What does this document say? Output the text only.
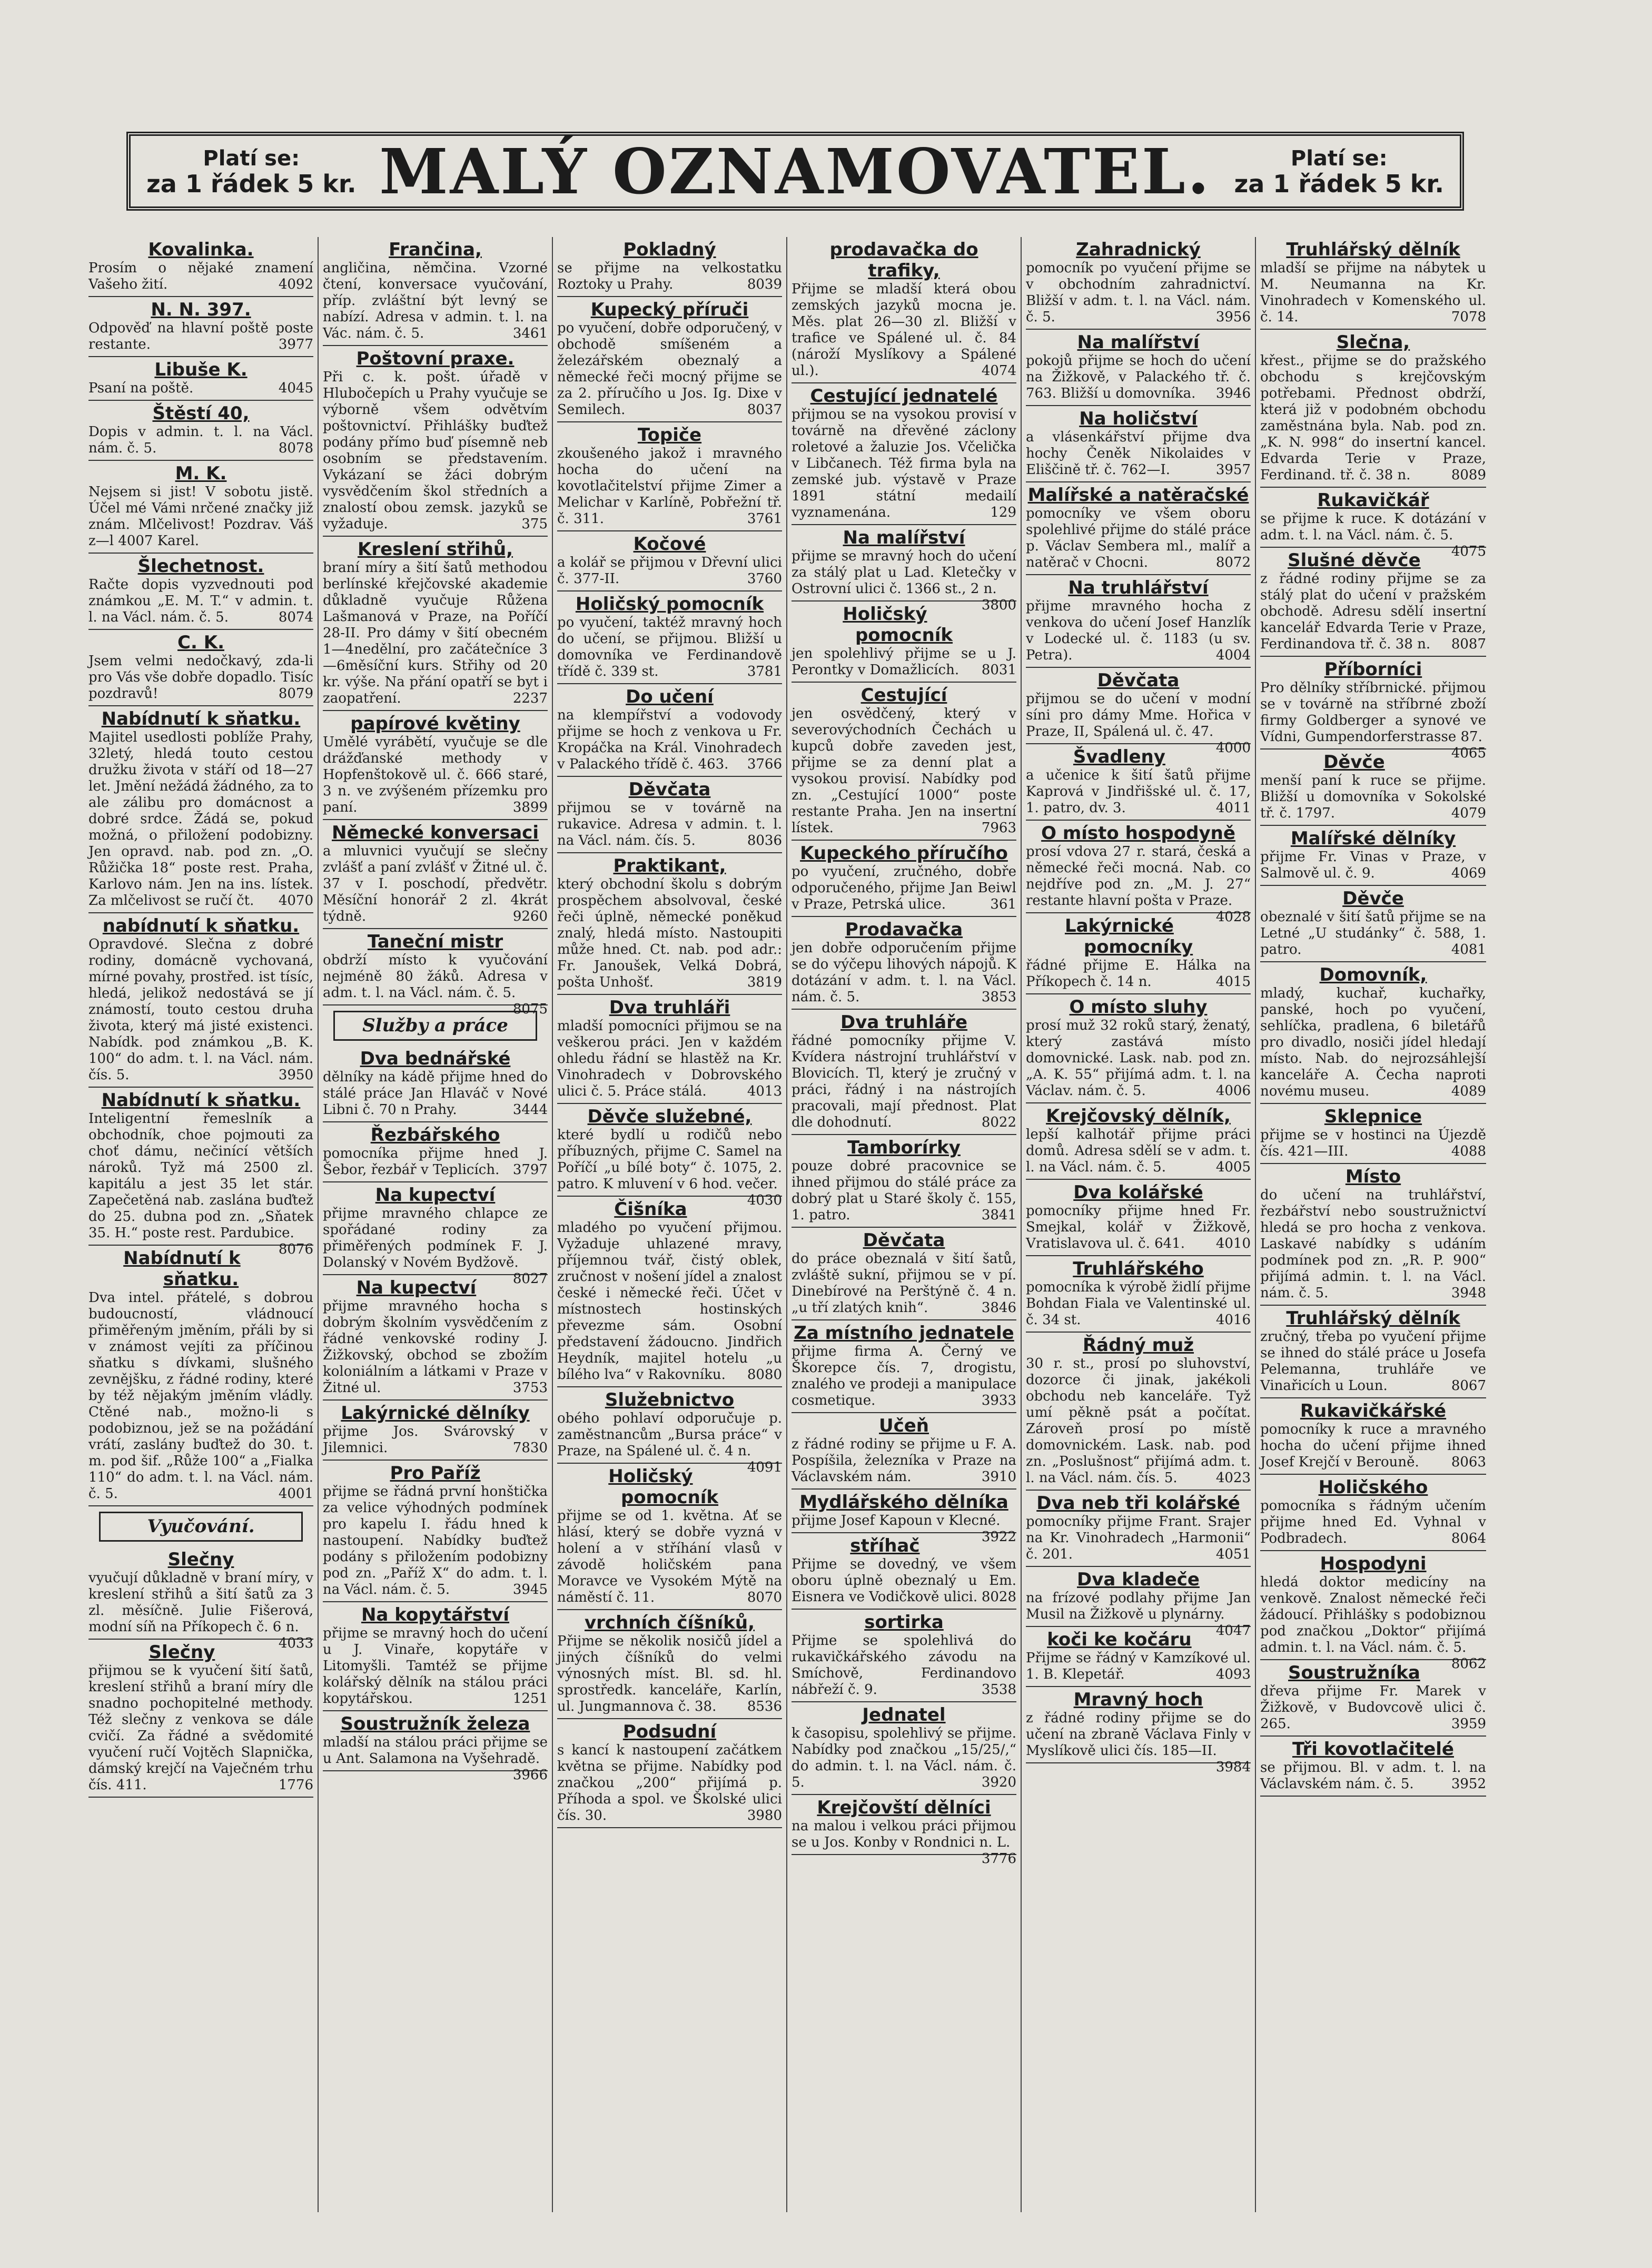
Platí se:
za 1 řádek 5 kr. MALÝ OZNAMOVATEL.	Platí se:
za 1 řádek 5 kr.
Kovalinka.
Prosím o nějaké znamení Vašeho žití.	4092
N. N. 397.
Odpověď na hlavní poště poste restante.	3977
Libuše K.
Psaní na poště.	4045
Štěstí 40,
Dopis v admin. t. l. na Václ. nám. č. 5.	8078
M. K.
Nejsem si jist! V sobotu jistě. Účel mé Vámi nrčené značky již znám. Mlčelivost! Pozdrav. Váš z—l 4007 Karel.
Šlechetnost.
Račte dopis vyzvednouti pod známkou „E. M. T.“ v admin. t. l. na Václ. nám. č. 5.	8074
C. K.
Jsem velmi nedočkavý, zda-li pro Vás vše dobře dopadlo. Tisíc pozdravů!	8079
Nabídnutí k sňatku.
Majitel usedlosti poblíže Prahy, 32letý, hledá touto cestou družku života v stáří od 18—27 let. Jmění nežádá žádného, za to ale zálibu pro domácnost a dobré srdce. Žádá se, pokud možná, o přiložení podobizny. Jen opravd. nab. pod zn. „O. Růžička 18“ poste rest. Praha, Karlovo nám. Jen na ins. lístek. Za mlčelivost se ručí čt. 4070
nabídnutí k sňatku.
Opravdové. Slečna z dobré rodiny, domácně vychovaná, mírné povahy, prostřed. ist tísíc, hledá, jelikož nedostává se jí známostí, touto cestou druha života, který má jisté existenci. Nabídk. pod známkou „B. K. 100“ do adm. t. l. na Václ. nám. čís. 5.	3950
Nabídnutí k sňatku.
Inteligentní řemeslník a obchodník, choe pojmouti za choť dámu, nečinící větších nároků. Tyž má 2500 zl. kapitálu a jest 35 let stár. Zapečetěná nab. zaslána buďtež do 25. dubna pod zn. „Sňatek 35. H.“ poste rest. Pardubice.
8076
Nabídnutí k sňatku.
Dva intel. přátelé, s dobrou budoucností, vládnoucí přiměřeným jměním, přáli by si v známost vejíti za příčinou sňatku s dívkami, slušného zevnějšku, z řádné rodiny, které by též nějakým jměním vládly. Ctěné nab., možno-li s podobiznou, jež se na požádání vrátí, zaslány buďtež do 30. t. m. pod šif. „Růže 100“ a „Fialka 110“ do adm. t. l. na Václ. nám. č. 5.	4001
Vyučování.
Slečny
vyučují důkladně v braní míry, v kreslení střihů a šití šatů za 3 zl. měsíčně. Julie Fišerová, modní síň na Příkopech č. 6 n.
4033
Slečny
přijmou se k vyučení šití šatů, kreslení střihů a braní míry dle snadno pochopitelné methody. Též slečny z venkova se dále cvičí. Za řádné a svědomité vyučení ručí Vojtěch Slapnička, dámský krejčí na Vaječném trhu čís. 411.	1776
Frančina,
angličina, němčina. Vzorné čtení, konversace vyučování, příp. zvláštní být levný se nabízí. Adresa v admin. t. l. na Vác. nám. č. 5.	3461
Poštovní praxe.
Při c. k. pošt. úřadě v Hlubočepích u Prahy vyučuje se výborně všem odvětvím poštovnictví. Přihlášky buďtež podány přímo buď písemně neb osobním se představením. Vykázaní se žáci dobrým vysvědčením škol středních a znalostí obou zemsk. jazyků se vyžaduje.	375
Kreslení střihů,
braní míry a šití šatů methodou berlínské křejčovské akademie důkladně vyučuje Růžena Lašmanová v Praze, na Poříčí 28-II. Pro dámy v šití obecném 1—4nedělní, pro začátečníce 3—6měsíční kurs. Střihy od 20 kr. výše. Na přání opatří se byt i zaopatření.	2237
papírové květiny
Umělé vyrábětí, vyučuje se dle drážďanské methody v Hopfenštokově ul. č. 666 staré, 3 n. ve zvýšeném přízemku pro paní.	3899
Německé konversaci
a mluvnici vyučují se slečny zvlášť a paní zvlášť v Žitné ul. č. 37 v I. poschodí, předvětr. Měsíční honorář 2 zl. 4krát týdně.	9260
Taneční mistr
obdrží místo k vyučování nejméně 80 žáků. Adresa v adm. t. l. na Václ. nám. č. 5.
8075
Služby a práce
Dva bednářské
dělníky na kádě přijme hned do stálé práce Jan Hlaváč v Nové Libni č. 70 n Prahy.	3444
Řezbářského
pomocníka přijme hned J. Šebor, řezbář v Teplicích. 3797
Na kupectví
přijme mravného chlapce ze spořádané rodiny za přiměřených podmínek F. J. Dolanský v Novém Bydžově.
8027
Na kupectví
přijme mravného hocha s dobrým školním vysvědčením z řádné venkovské rodiny J. Žižkovský, obchod se zbožím koloniálním a látkami v Praze v Žitné ul.	3753
Lakýrnické dělníky
přijme Jos. Svárovský v Jilemnici.	7830
Pro Paříž
přijme se řádná první honštička za velice výhodných podmínek pro kapelu I. řádu hned k nastoupení. Nabídky buďtež podány s přiložením podobizny pod zn. „Paříž X“ do adm. t. l. na Václ. nám. č. 5.	3945
Na kopytářství
přijme se mravný hoch do učení u J. Vinaře, kopytáře v Litomyšli. Tamtéž se přijme kolářský dělník na stálou práci kopytářskou.	1251
Soustružník železa
mladší na stálou práci přijme se u Ant. Salamona na Vyšehradě.
3966
Pokladný
se přijme na velkostatku Roztoky u Prahy.	8039
Kupecký příruči
po vyučení, dobře odporučený, v obchodě smíšeném a železářském obeznalý a německé řeči mocný přijme se za 2. příručího u Jos. Ig. Dixe v Semilech.	8037
Topiče
zkoušeného jakož i mravného hocha do učení na kovotlačitelství přijme Zimer a Melichar v Karlíně, Pobřežní tř. č. 311.	3761
Kočové
a kolář se přijmou v Dřevní ulici č. 377-II.	3760
Holičský pomocník
po vyučení, taktéž mravný hoch do učení, se přijmou. Bližší u domovníka ve Ferdinandově třídě č. 339 st.	3781
Do učení
na klempířství a vodovody přijme se hoch z venkova u Fr. Kropáčka na Král. Vinohradech v Palackého třídě č. 463. 3766
Děvčata
přijmou se v továrně na rukavice. Adresa v admin. t. l. na Václ. nám. čís. 5.	8036
Praktikant,
který obchodní školu s dobrým prospěchem absolvoval, české řeči úplně, německé poněkud znalý, hledá místo. Nastoupiti může hned. Ct. nab. pod adr.: Fr. Janoušek, Velká Dobrá, pošta Unhošť.	3819
Dva truhláři
mladší pomocníci přijmou se na veškerou práci. Jen v každém ohledu řádní se hlastěž na Kr. Vinohradech v Dobrovského ulici č. 5. Práce stálá.	4013
Děvče služebné,
které bydlí u rodičů nebo příbuzných, přijme C. Samel na Poříčí „u bílé boty“ č. 1075, 2. patro. K mluvení v 6 hod. večer.
4030
Čišníka
mladého po vyučení přijmou. Vyžaduje uhlazené mravy, příjemnou tvář, čistý oblek, zručnost v nošení jídel a znalost české i německé řeči. Účet v místnostech hostinských převezme sám. Osobní představení žádoucno. Jindřich Heydník, majitel hotelu „u bílého lva“ v Rakovníku. 8080
Služebnictvo
obého pohlaví odporučuje p. zaměstnancům „Bursa práce“ v Praze, na Spálené ul. č. 4 n.
4091
Holičský pomocník
přijme se od 1. května. Ať se hlásí, který se dobře vyzná v holení a v stříhání vlasů v závodě holičském pana Moravce ve Vysokém Mýtě na náměstí č. 11.	8070
vrchních číšníků,
Přijme se několik nosičů jídel a jiných číšníků do velmi výnosných míst. Bl. sd. hl. sprostředk. kanceláře, Karlín, ul. Jungmannova č. 38. 8536
Podsudní
s kancí k nastoupení začátkem května se přijme. Nabídky pod značkou „200“ přijímá p. Příhoda a spol. ve Školské ulici čís. 30.	3980
prodavačka do trafiky,
Přijme se mladší která obou zemských jazyků mocna je. Měs. plat 26—30 zl. Bližší v trafice ve Spálené ul. č. 84 (nároží Myslíkovy a Spálené ul.).	4074
Cestující jednatelé
přijmou se na vysokou provisí v továrně na dřevěné záclony roletové a žaluzie Jos. Včelička v Libčanech. Též firma byla na zemské jub. výstavě v Praze 1891 státní medailí vyznamenána.	129
Na malířství
přijme se mravný hoch do učení za stálý plat u Lad. Kletečky v Ostrovní ulici č. 1366 st., 2 n.
3800
Holičský pomocník
jen spolehlivý přijme se u J. Perontky v Domažlicích. 8031
Cestující
jen osvědčený, který v severovýchodních Čechách u kupců dobře zaveden jest, přijme se za denní plat a vysokou provisí. Nabídky pod zn. „Cestující 1000“ poste restante Praha. Jen na insertní lístek.	7963
Kupeckého příručího
po vyučení, zručného, dobře odporučeného, přijme Jan Beiwl v Praze, Petrská ulice.	361
Prodavačka
jen dobře odporučením přijme se do výčepu lihových nápojů. K dotázání v adm. t. l. na Václ. nám. č. 5.	3853
Dva truhláře
řádné pomocníky přijme V. Kvídera nástrojní truhlářství v Blovicích. Tl, který je zručný v práci, řádný i na nástrojích pracovali, mají přednost. Plat dle dohodnutí.	8022
Tamborírky
pouze dobré pracovnice se ihned přijmou do stálé práce za dobrý plat u Staré školy č. 155, 1. patro.	3841
Děvčata
do práce obeznalá v šití šatů, zvláště sukní, přijmou se v pí. Dinebírové na Perštýně č. 4 n. „u tří zlatých knih“.	3846
Za místního jednatele
přijme firma A. Černý ve Škorepce čís. 7, drogistu, znalého ve prodeji a manipulace cosmetique.	3933
Učeň
z řádné rodiny se přijme u F. A. Pospíšila, železníka v Praze na Václavském nám.	3910
Mydlářského dělníka
přijme Josef Kapoun v Klecné.
3922
stříhač
Přijme se dovedný, ve všem oboru úplně obeznalý u Em. Eisnera ve Vodičkově ulici. 8028
sortirka
Přijme se spolehlivá do rukavičkářského závodu na Smíchově, Ferdinandovo nábřeží č. 9.	3538
Jednatel
k časopisu, spolehlivý se přijme. Nabídky pod značkou „15/25/,“ do admin. t. l. na Václ. nám. č. 5.	3920
Krejčovští dělníci
na malou i velkou práci přijmou se u Jos. Konby v Rondnici n. L.
3776
Zahradnický
pomocník po vyučení přijme se v obchodním zahradnictví. Bližší v adm. t. l. na Václ. nám. č. 5.	3956
Na malířství
pokojů přijme se hoch do učení na Žižkově, v Palackého tř. č. 763. Bližší u domovníka. 3946
Na holičství
a vlásenkářství přijme dva hochy Čeněk Nikolaides v Eliščině tř. č. 762—I.	3957
Malířské a natěračské
pomocníky ve všem oboru spolehlivé přijme do stálé práce p. Václav Sembera ml., malíř a natěrač v Chocni.	8072
Na truhlářství
přijme mravného hocha z venkova do učení Josef Hanzlík v Lodecké ul. č. 1183 (u sv. Petra).	4004
Děvčata
přijmou se do učení v modní síni pro dámy Mme. Hořica v Praze, II, Spálená ul. č. 47.
4000
Švadleny
a učenice k šití šatů přijme Kaprová v Jindřišské ul. č. 17, 1. patro, dv. 3.	4011
O místo hospodyně
prosí vdova 27 r. stará, česká a německé řeči mocná. Nab. co nejdříve pod zn. „M. J. 27“ restante hlavní pošta v Praze.
4028
Lakýrnické pomocníky
řádné přijme E. Hálka na Příkopech č. 14 n.	4015
O místo sluhy
prosí muž 32 roků starý, ženatý, který zastává místo domovnické. Lask. nab. pod zn. „A. K. 55“ přijímá adm. t. l. na Václav. nám. č. 5.	4006
Krejčovský dělník,
lepší kalhotář přijme práci domů. Adresa sdělí se v adm. t. l. na Václ. nám. č. 5.	4005
Dva kolářské
pomocníky přijme hned Fr. Smejkal, kolář v Žižkově, Vratislavova ul. č. 641. 4010
Truhlářského
pomocníka k výrobě židlí přijme Bohdan Fiala ve Valentinské ul. č. 34 st.	4016
Řádný muž
30 r. st., prosí po sluhovství, dozorce či jinak, jakékoli obchodu neb kanceláře. Tyž umí pěkně psát a počítat. Zároveň prosí po místě domovnickém. Lask. nab. pod zn. „Poslušnost“ přijímá adm. t. l. na Václ. nám. čís. 5.	4023
Dva neb tři kolářské
pomocníky přijme Frant. Srajer na Kr. Vinohradech „Harmonii“ č. 201.	4051
Dva kladeče
na frízové podlahy přijme Jan Musil na Žižkově u plynárny.
4047
koči ke kočáru
Přijme se řádný v Kamzíkové ul. 1. B. Klepetář.	4093
Mravný hoch
z řádné rodiny přijme se do učení na zbraně Václava Finly v Myslíkově ulici čís. 185—II.
3984
Truhlářský dělník
mladší se přijme na nábytek u M. Neumanna na Kr. Vinohradech v Komenského ul. č. 14.	7078
Slečna,
křest., přijme se do pražského obchodu s krejčovským potřebami. Přednost obdrží, která již v podobném obchodu zaměstnána byla. Nab. pod zn. „K. N. 998“ do insertní kancel. Edvarda Terie v Praze, Ferdinand. tř. č. 38 n.	8089
Rukavičkář
se přijme k ruce. K dotázání v adm. t. l. na Václ. nám. č. 5.
4075
Slušné děvče
z řádné rodiny přijme se za stálý plat do učení v pražském obchodě. Adresu sdělí insertní kancelář Edvarda Terie v Praze, Ferdinandova tř. č. 38 n. 8087
Příborníci
Pro dělníky stříbrnické. přijmou se v továrně na stříbrné zboží firmy Goldberger a synové ve Vídni, Gumpendorferstrasse 87.
4065
Děvče
menší paní k ruce se přijme. Bližší u domovníka v Sokolské tř. č. 1797.	4079
Malířské dělníky
přijme Fr. Vinas v Praze, v Salmově ul. č. 9.	4069
Děvče
obeznalé v šití šatů přijme se na Letné „U studánky“ č. 588, 1. patro.	4081
Domovník,
mladý, kuchař, kuchařky, panské, hoch po vyučení, sehlíčka, pradlena, 6 biletářů pro divadlo, nosiči jídel hledají místo. Nab. do nejrozsáhlejší kanceláře A. Čecha naproti novému museu.	4089
Sklepnice
přijme se v hostinci na Újezdě čís. 421—III.	4088
Místo
do učení na truhlářství, řezbářství nebo soustružnictví hledá se pro hocha z venkova. Laskavé nabídky s udáním podmínek pod zn. „R. P. 900“ přijímá admin. t. l. na Václ. nám. č. 5.	3948
Truhlářský dělník
zručný, třeba po vyučení přijme se ihned do stálé práce u Josefa Pelemanna, truhláře ve Vinařicích u Loun.	8067
Rukavičkářské
pomocníky k ruce a mravného hocha do učení přijme ihned Josef Krejčí v Berouně. 8063
Holičského
pomocníka s řádným učením přijme hned Ed. Vyhnal v Podbradech.	8064
Hospodyni
hledá doktor medicíny na venkově. Znalost německé řeči žádoucí. Přihlášky s podobiznou pod značkou „Doktor“ přijímá admin. t. l. na Václ. nám. č. 5.
8062
Soustružníka
dřeva přijme Fr. Marek v Žižkově, v Budovcově ulici č. 265.	3959
Tři kovotlačitelé
se přijmou. Bl. v adm. t. l. na Václavském nám. č. 5.	3952
